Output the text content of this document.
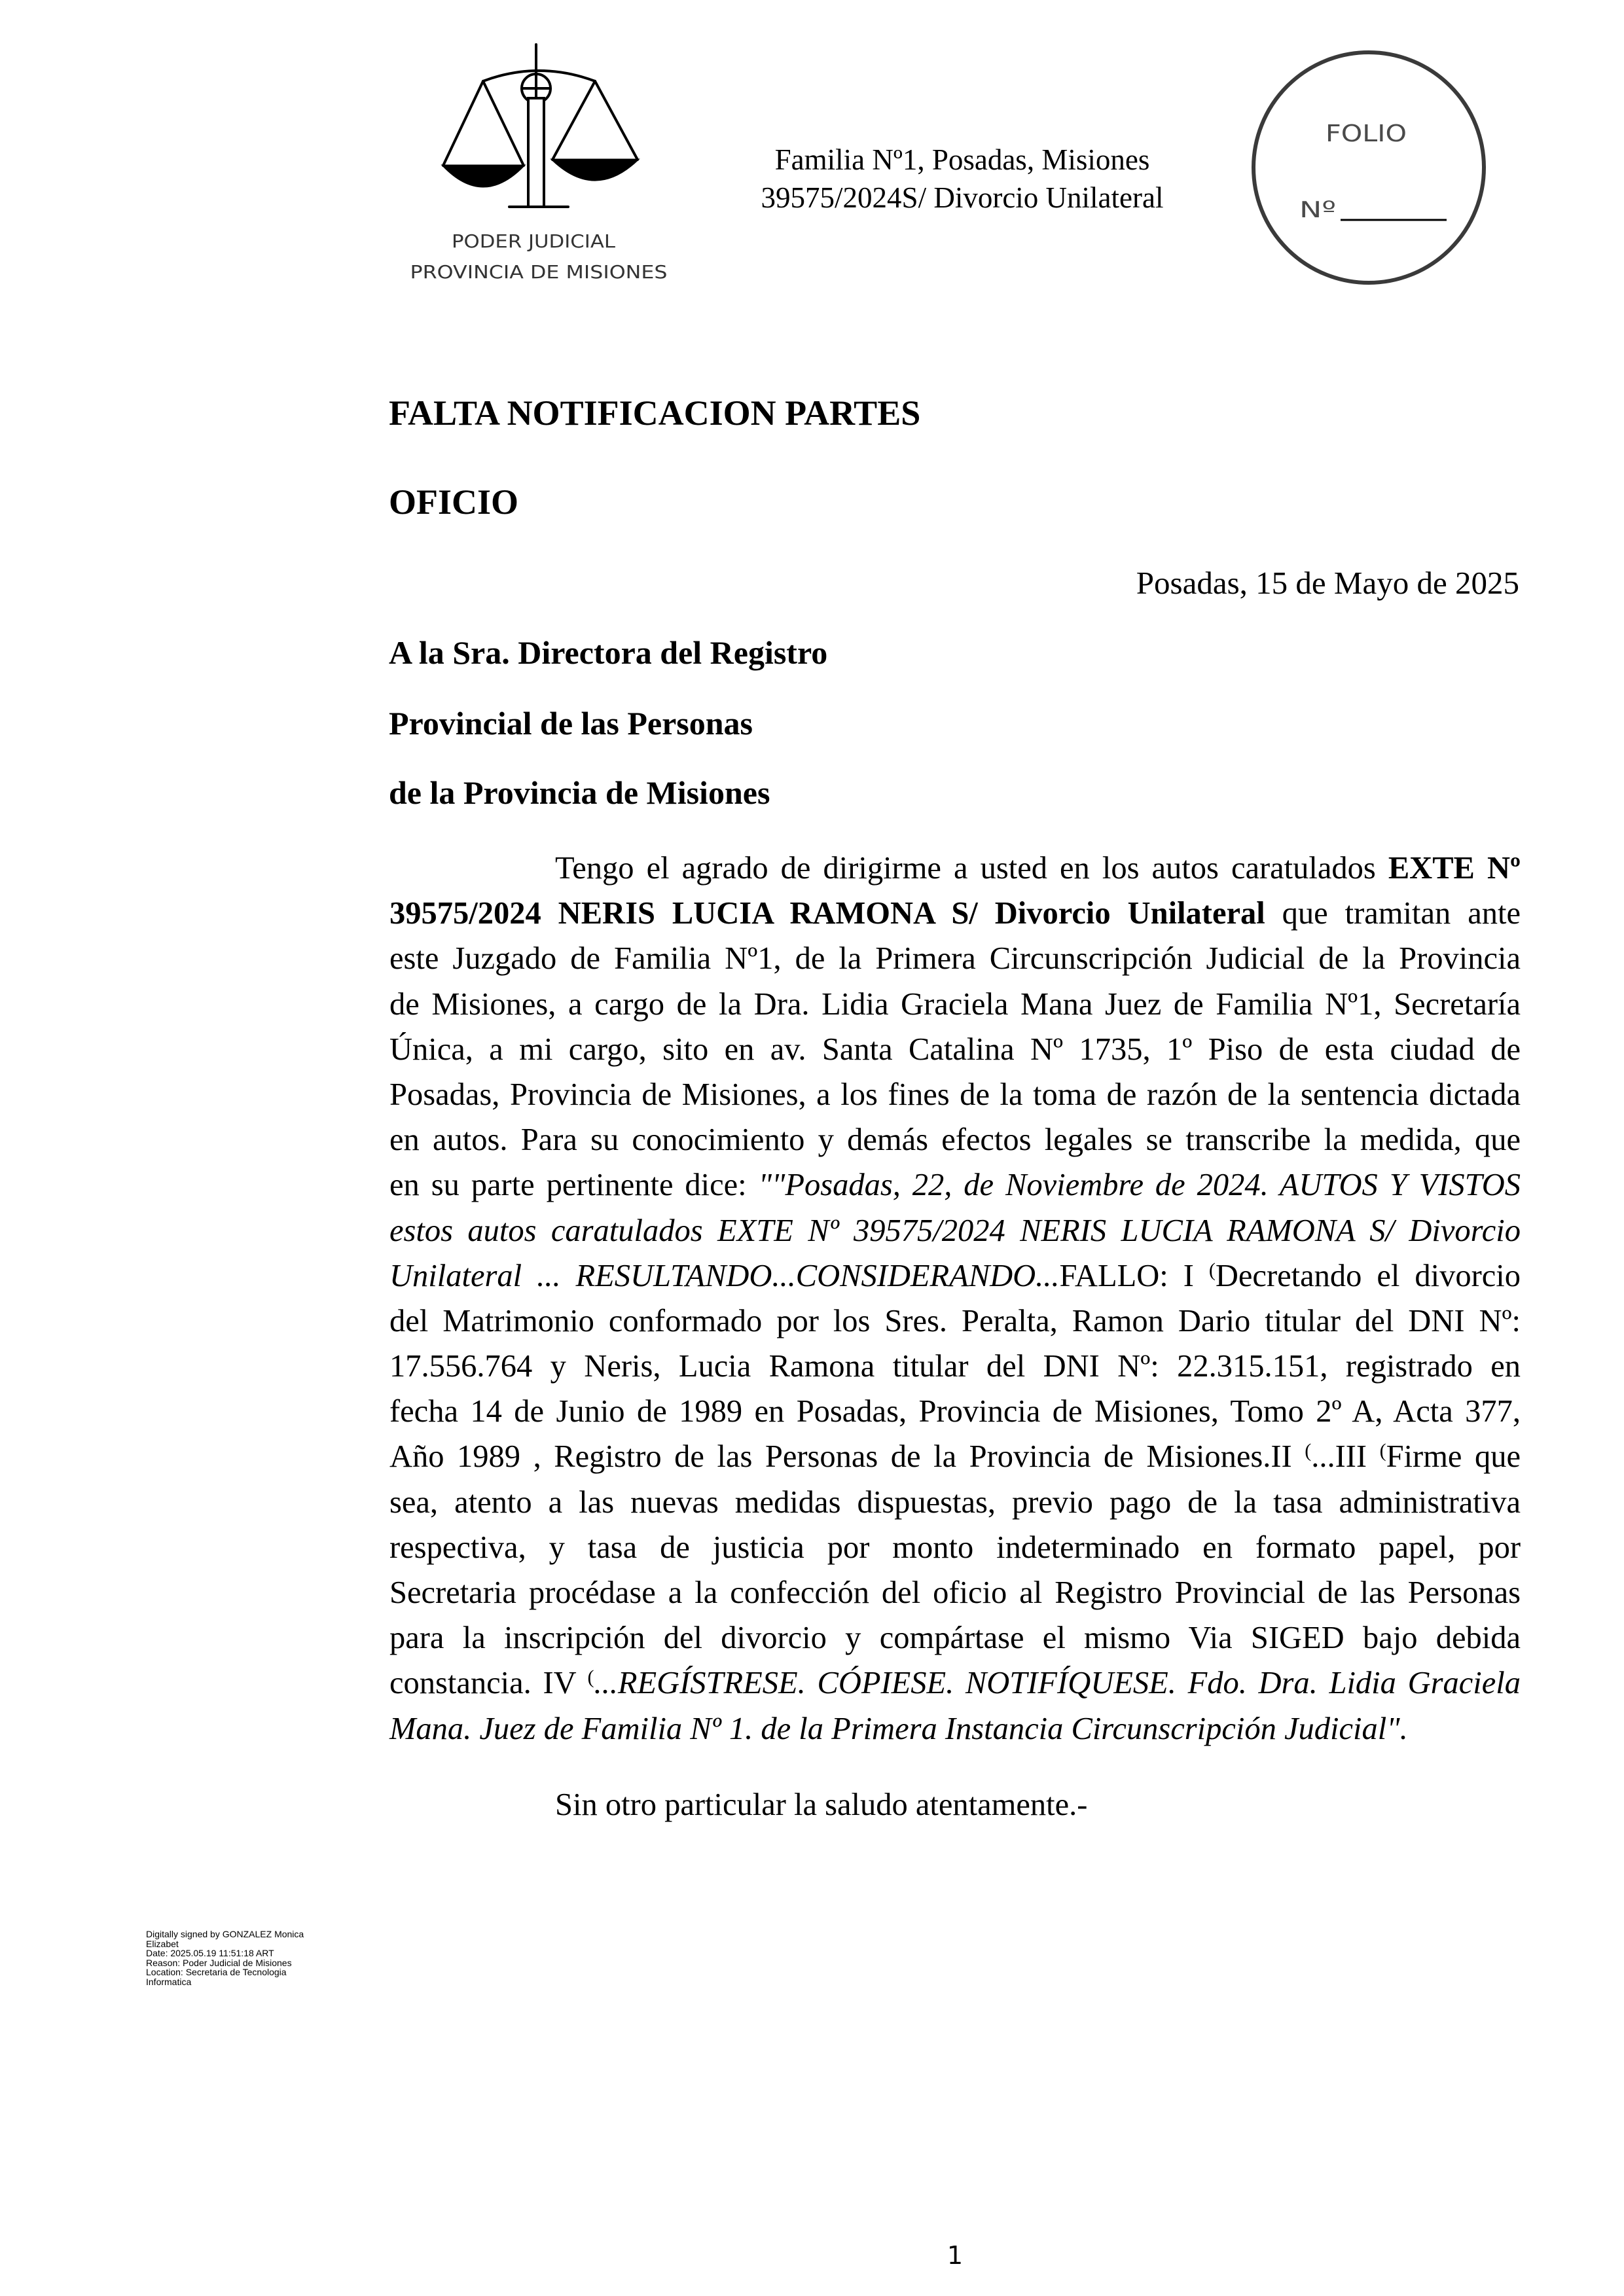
PODER JUDICIAL
PROVINCIA DE MISIONES
Familia Nº1, Posadas, Misiones
39575/2024S/ Divorcio Unilateral
FOLIO
Nº
FALTA NOTIFICACION PARTES
OFICIO
Posadas, 15 de Mayo de 2025
A la Sra. Directora del Registro
Provincial de las Personas
de la Provincia de Misiones
Tengo el agrado de dirigirme a usted en los autos caratulados EXTE Nº
39575/2024 NERIS LUCIA RAMONA S/ Divorcio Unilateral que tramitan ante
este Juzgado de Familia Nº1, de la Primera Circunscripción Judicial de la Provincia
de Misiones, a cargo de la Dra. Lidia Graciela Mana Juez de Familia Nº1, Secretaría
Única, a mi cargo, sito en av. Santa Catalina Nº 1735, 1º Piso de esta ciudad de
Posadas, Provincia de Misiones, a los fines de la toma de razón de la sentencia dictada
en autos. Para su conocimiento y demás efectos legales se transcribe la medida, que
en su parte pertinente dice: ""Posadas, 22, de Noviembre de 2024. AUTOS Y VISTOS
estos autos caratulados EXTE Nº 39575/2024 NERIS LUCIA RAMONA S/ Divorcio
Unilateral ... RESULTANDO...CONSIDERANDO...FALLO: I (Decretando el divorcio
del Matrimonio conformado por los Sres. Peralta, Ramon Dario titular del DNI Nº:
17.556.764 y Neris, Lucia Ramona titular del DNI Nº: 22.315.151, registrado en
fecha 14 de Junio de 1989 en Posadas, Provincia de Misiones, Tomo 2º A, Acta 377,
Año 1989 , Registro de las Personas de la Provincia de Misiones.II (...III (Firme que
sea, atento a las nuevas medidas dispuestas, previo pago de la tasa administrativa
respectiva, y tasa de justicia por monto indeterminado en formato papel, por
Secretaria procédase a la confección del oficio al Registro Provincial de las Personas
para la inscripción del divorcio y compártase el mismo Via SIGED bajo debida
constancia. IV (...REGÍSTRESE. CÓPIESE. NOTIFÍQUESE. Fdo. Dra. Lidia Graciela
Mana. Juez de Familia Nº 1. de la Primera Instancia Circunscripción Judicial".
Sin otro particular la saludo atentamente.-
Digitally signed by GONZALEZ Monica
Elizabet
Date: 2025.05.19 11:51:18 ART
Reason: Poder Judicial de Misiones
Location: Secretaria de Tecnologia
Informatica
1
